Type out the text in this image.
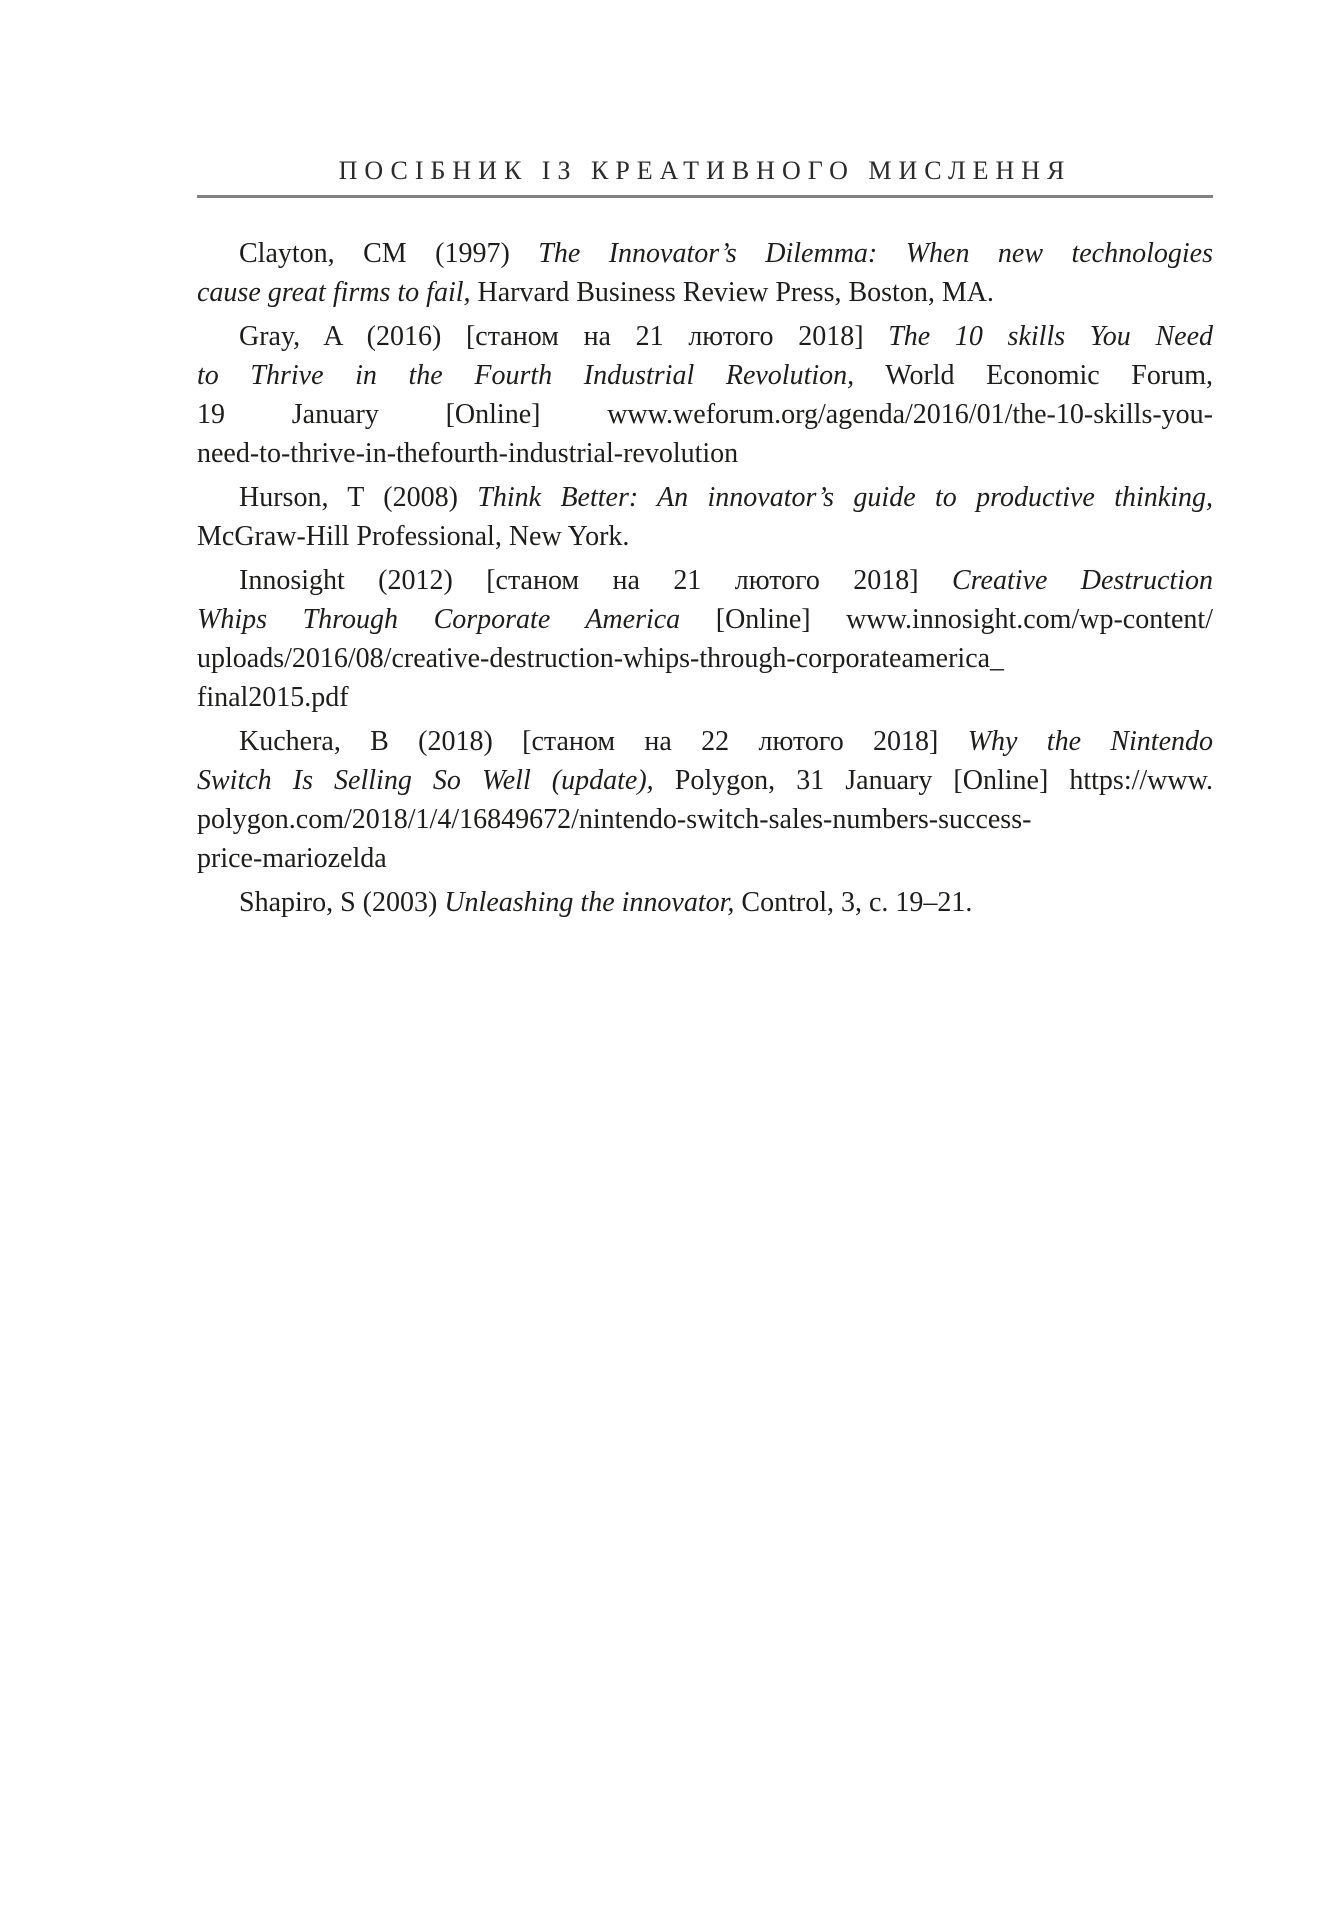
ПОСІБНИК ІЗ КРЕАТИВНОГО МИСЛЕННЯ

Clayton, CM (1997) The Innovator’s Dilemma: When new technologies
cause great firms to fail, Harvard Business Review Press, Boston, MA.

Gray, A (2016) [станом на 21 лютого 2018] The 10 skills You Need
to Thrive in the Fourth Industrial Revolution, World Economic Forum,
19 January [Online] www.weforum.org/agenda/2016/01/the-10-skills-you-
need-to-thrive-in-thefourth-industrial-revolution

Hurson, T (2008) Think Better: An innovator’s guide to productive thinking,
McGraw-Hill Professional, New York.

Innosight (2012) [станом на 21 лютого 2018] Creative Destruction
Whips Through Corporate America [Online] www.innosight.com/wp-content/
uploads/2016/08/creative-destruction-whips-through-corporateamerica_
final2015.pdf

Kuchera, B (2018) [станом на 22 лютого 2018] Why the Nintendo
Switch Is Selling So Well (update), Polygon, 31 January [Online] https://www.
polygon.com/2018/1/4/16849672/nintendo-switch-sales-numbers-success-
price-mariozelda

Shapiro, S (2003) Unleashing the innovator, Control, 3, с. 19–21.
